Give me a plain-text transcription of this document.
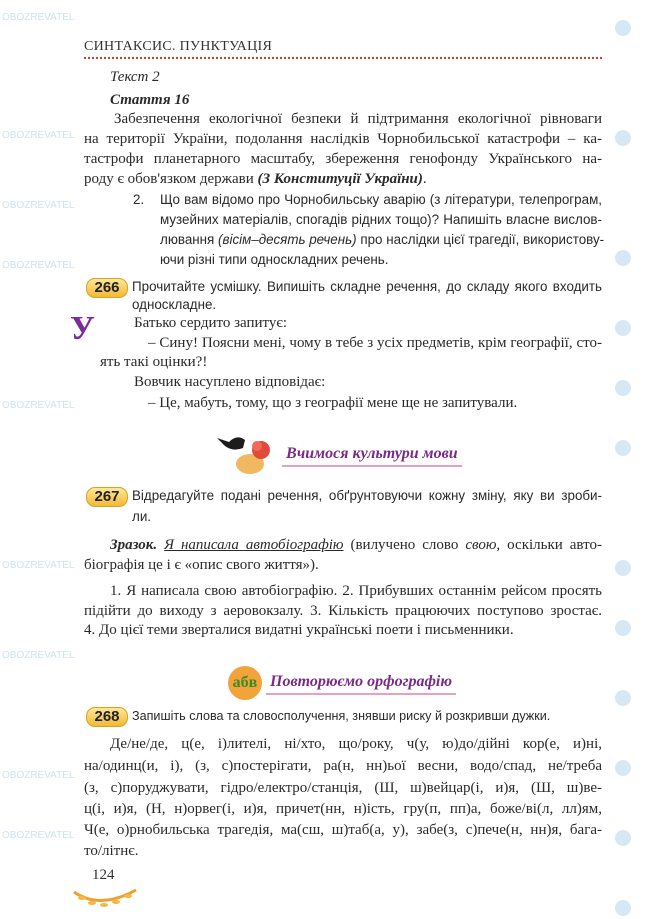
OBOZREVATEL
OBOZREVATEL
OBOZREVATEL
OBOZREVATEL
OBOZREVATEL
OBOZREVATEL
OBOZREVATEL
OBOZREVATEL
OBOZREVATEL
СИНТАКСИС. ПУНКТУАЦІЯ
Текст 2
Стаття 16
Забезпечення екологічної безпеки й підтримання екологічної рівноваги
на території України, подолання наслідків Чорнобильської катастрофи – ка-
тастрофи планетарного масштабу, збереження генофонду Українського на-
роду є обов'язком держави (З Конституції України).
2.	Що вам відомо про Чорнобильську аварію (з літератури, телепрограм,
музейних матеріалів, спогадів рідних тощо)? Напишіть власне вислов-
лювання (вісім–десять речень) про наслідки цієї трагедії, використову-
ючи різні типи односкладних речень.
266 Прочитайте усмішку. Випишіть складне речення, до складу якого входить
односкладне.
У	Батько сердито запитує:
– Сину! Поясни мені, чому в тебе з усіх предметів, крім географії, сто-
ять такі оцінки?!
Вовчик насуплено відповідає:
– Це, мабуть, тому, що з географії мене ще не запитували.
Вчимося культури мови
267 Відредагуйте подані речення, обґрунтовуючи кожну зміну, яку ви зроби-
ли.
Зразок. Я написала автобіографію (вилучено слово свою, оскільки авто-
біографія це і є «опис свого життя»).
1. Я написала свою автобіографію. 2. Прибувших останнім рейсом просять
підійти до виходу з аеровокзалу. 3. Кількість працюючих поступово зростає.
4. До цієї теми зверталися видатні українські поети і письменники.
абв Повторюємо орфографію
268 Запишіть слова та словосполучення, знявши риску й розкривши дужки.
Де/не/де, ц(е, і)лителі, ні/хто, що/року, ч(у, ю)до/дійні кор(е, и)ні,
на/одинц(и, і), (з, с)постерігати, ра(н, нн)ьої весни, водо/спад, не/треба
(з, с)поруджувати, гідро/електро/станція, (Ш, ш)вейцар(і, и)я, (Ш, ш)ве-
ц(і, и)я, (Н, н)орвег(і, и)я, причет(нн, н)ість, гру(п, пп)а, боже/ві(л, лл)ям,
Ч(е, о)рнобильська трагедія, ма(сш, ш)таб(а, у), забе(з, с)пече(н, нн)я, бага-
то/літнє.
124
